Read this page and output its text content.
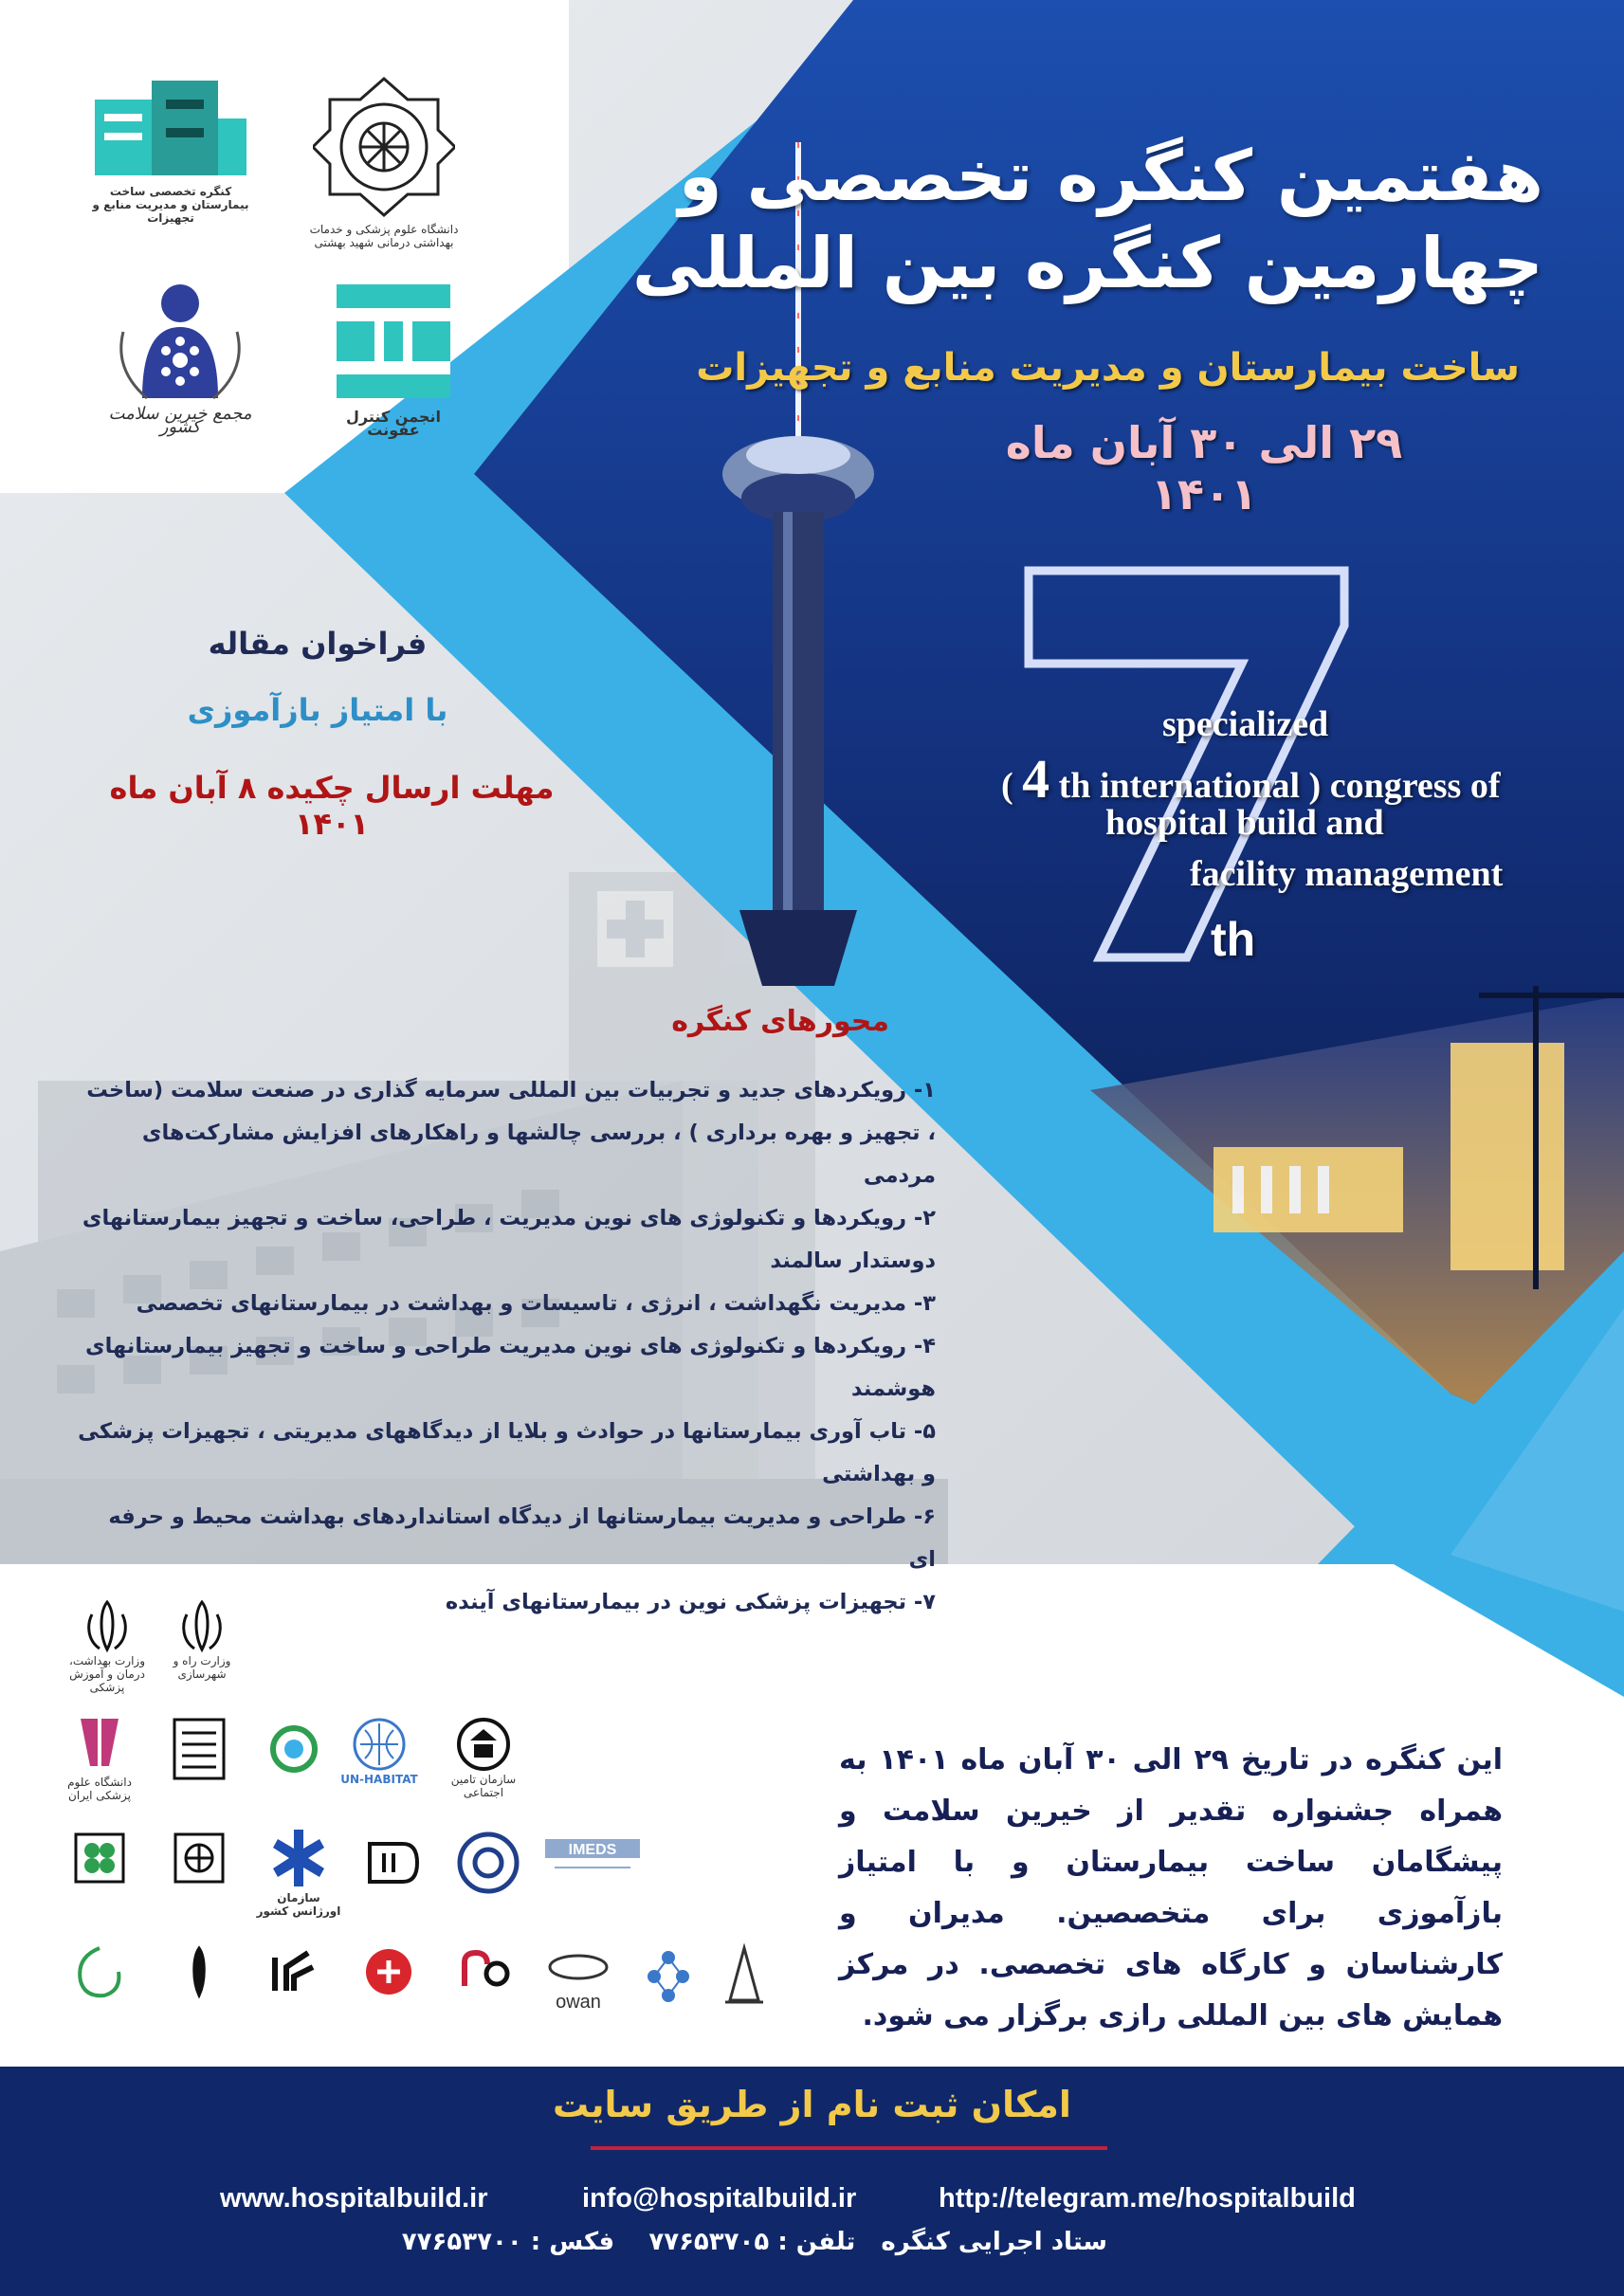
کنگره تخصصی ساخت بیمارستان و مدیریت منابع و تجهیزات
دانشگاه علوم پزشکی و خدمات بهداشتی درمانی شهید بهشتی
انجمن کنترل عفونت
مجمع خیرین سلامت کشور
هفتمین کنگره تخصصی و
چهارمین کنگره بین المللی
ساخت بیمارستان و مدیریت منابع و تجهیزات
۲۹ الی ۳۰ آبان ماه ۱۴۰۱
specialized
( 4 th international ) congress of
hospital build and
facility management
th
فراخوان مقاله
با امتیاز بازآموزی
مهلت ارسال چکیده ۸ آبان ماه ۱۴۰۱
محورهای کنگره
۱- رویکردهای جدید و تجربیات بین المللی سرمایه گذاری در صنعت سلامت (ساخت ، تجهیز و بهره برداری ) ، بررسی چالشها و راهکارهای افزایش مشارکت‌های مردمی
۲- رویکردها و تکنولوژی های نوین مدیریت ، طراحی، ساخت و تجهیز بیمارستانهای دوستدار سالمند
۳- مدیریت نگهداشت ، انرژی ، تاسیسات و بهداشت در بیمارستانهای تخصصی
۴- رویکردها و تکنولوژی های نوین مدیریت طراحی و ساخت و تجهیز بیمارستانهای هوشمند
۵- تاب آوری بیمارستانها در حوادث و بلایا از دیدگاههای مدیریتی ، تجهیزات پزشکی و بهداشتی
۶- طراحی و مدیریت بیمارستانها از دیدگاه استانداردهای بهداشت محیط و حرفه ای
۷- تجهیزات پزشکی نوین در بیمارستانهای آینده
وزارت راه و شهرسازی
وزارت بهداشت، درمان و آموزش پزشکی
سازمان تامین اجتماعی
UN-HABITAT
دانشگاه علوم پزشکی ایران
IMEDS
سازمان اورژانس کشور
owan
این کنگره در تاریخ ۲۹ الی ۳۰ آبان ماه ۱۴۰۱ به همراه جشنواره تقدیر از خیرین سلامت و پیشگامان ساخت بیمارستان و با امتیاز بازآموزی برای متخصصین. مدیران و کارشناسان و کارگاه های تخصصی. در مرکز همایش های بین المللی رازی برگزار می شود.
امکان ثبت نام از طریق سایت
www.hospitalbuild.ir	info@hospitalbuild.ir	http://telegram.me/hospitalbuild
ستاد اجرایی کنگره   تلفن : ۷۷۶۵۳۷۰۵    فکس : ۷۷۶۵۳۷۰۰
